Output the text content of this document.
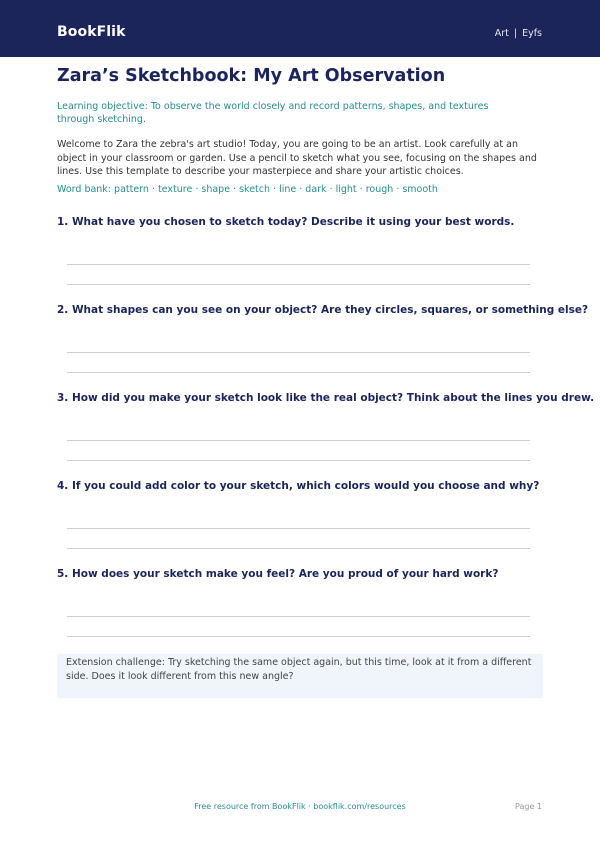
BookFlik	Art | Eyfs
Zara’s Sketchbook: My Art Observation

Learning objective: To observe the world closely and record patterns, shapes, and textures through sketching.

Welcome to Zara the zebra's art studio! Today, you are going to be an artist. Look carefully at an object in your classroom or garden. Use a pencil to sketch what you see, focusing on the shapes and lines. Use this template to describe your masterpiece and share your artistic choices.

Word bank: pattern · texture · shape · sketch · line · dark · light · rough · smooth

1. What have you chosen to sketch today? Describe it using your best words.
2. What shapes can you see on your object? Are they circles, squares, or something else?
3. How did you make your sketch look like the real object? Think about the lines you drew.
4. If you could add color to your sketch, which colors would you choose and why?
5. How does your sketch make you feel? Are you proud of your hard work?
Extension challenge: Try sketching the same object again, but this time, look at it from a different side. Does it look different from this new angle?
Free resource from BookFlik · bookflik.com/resources	Page 1
